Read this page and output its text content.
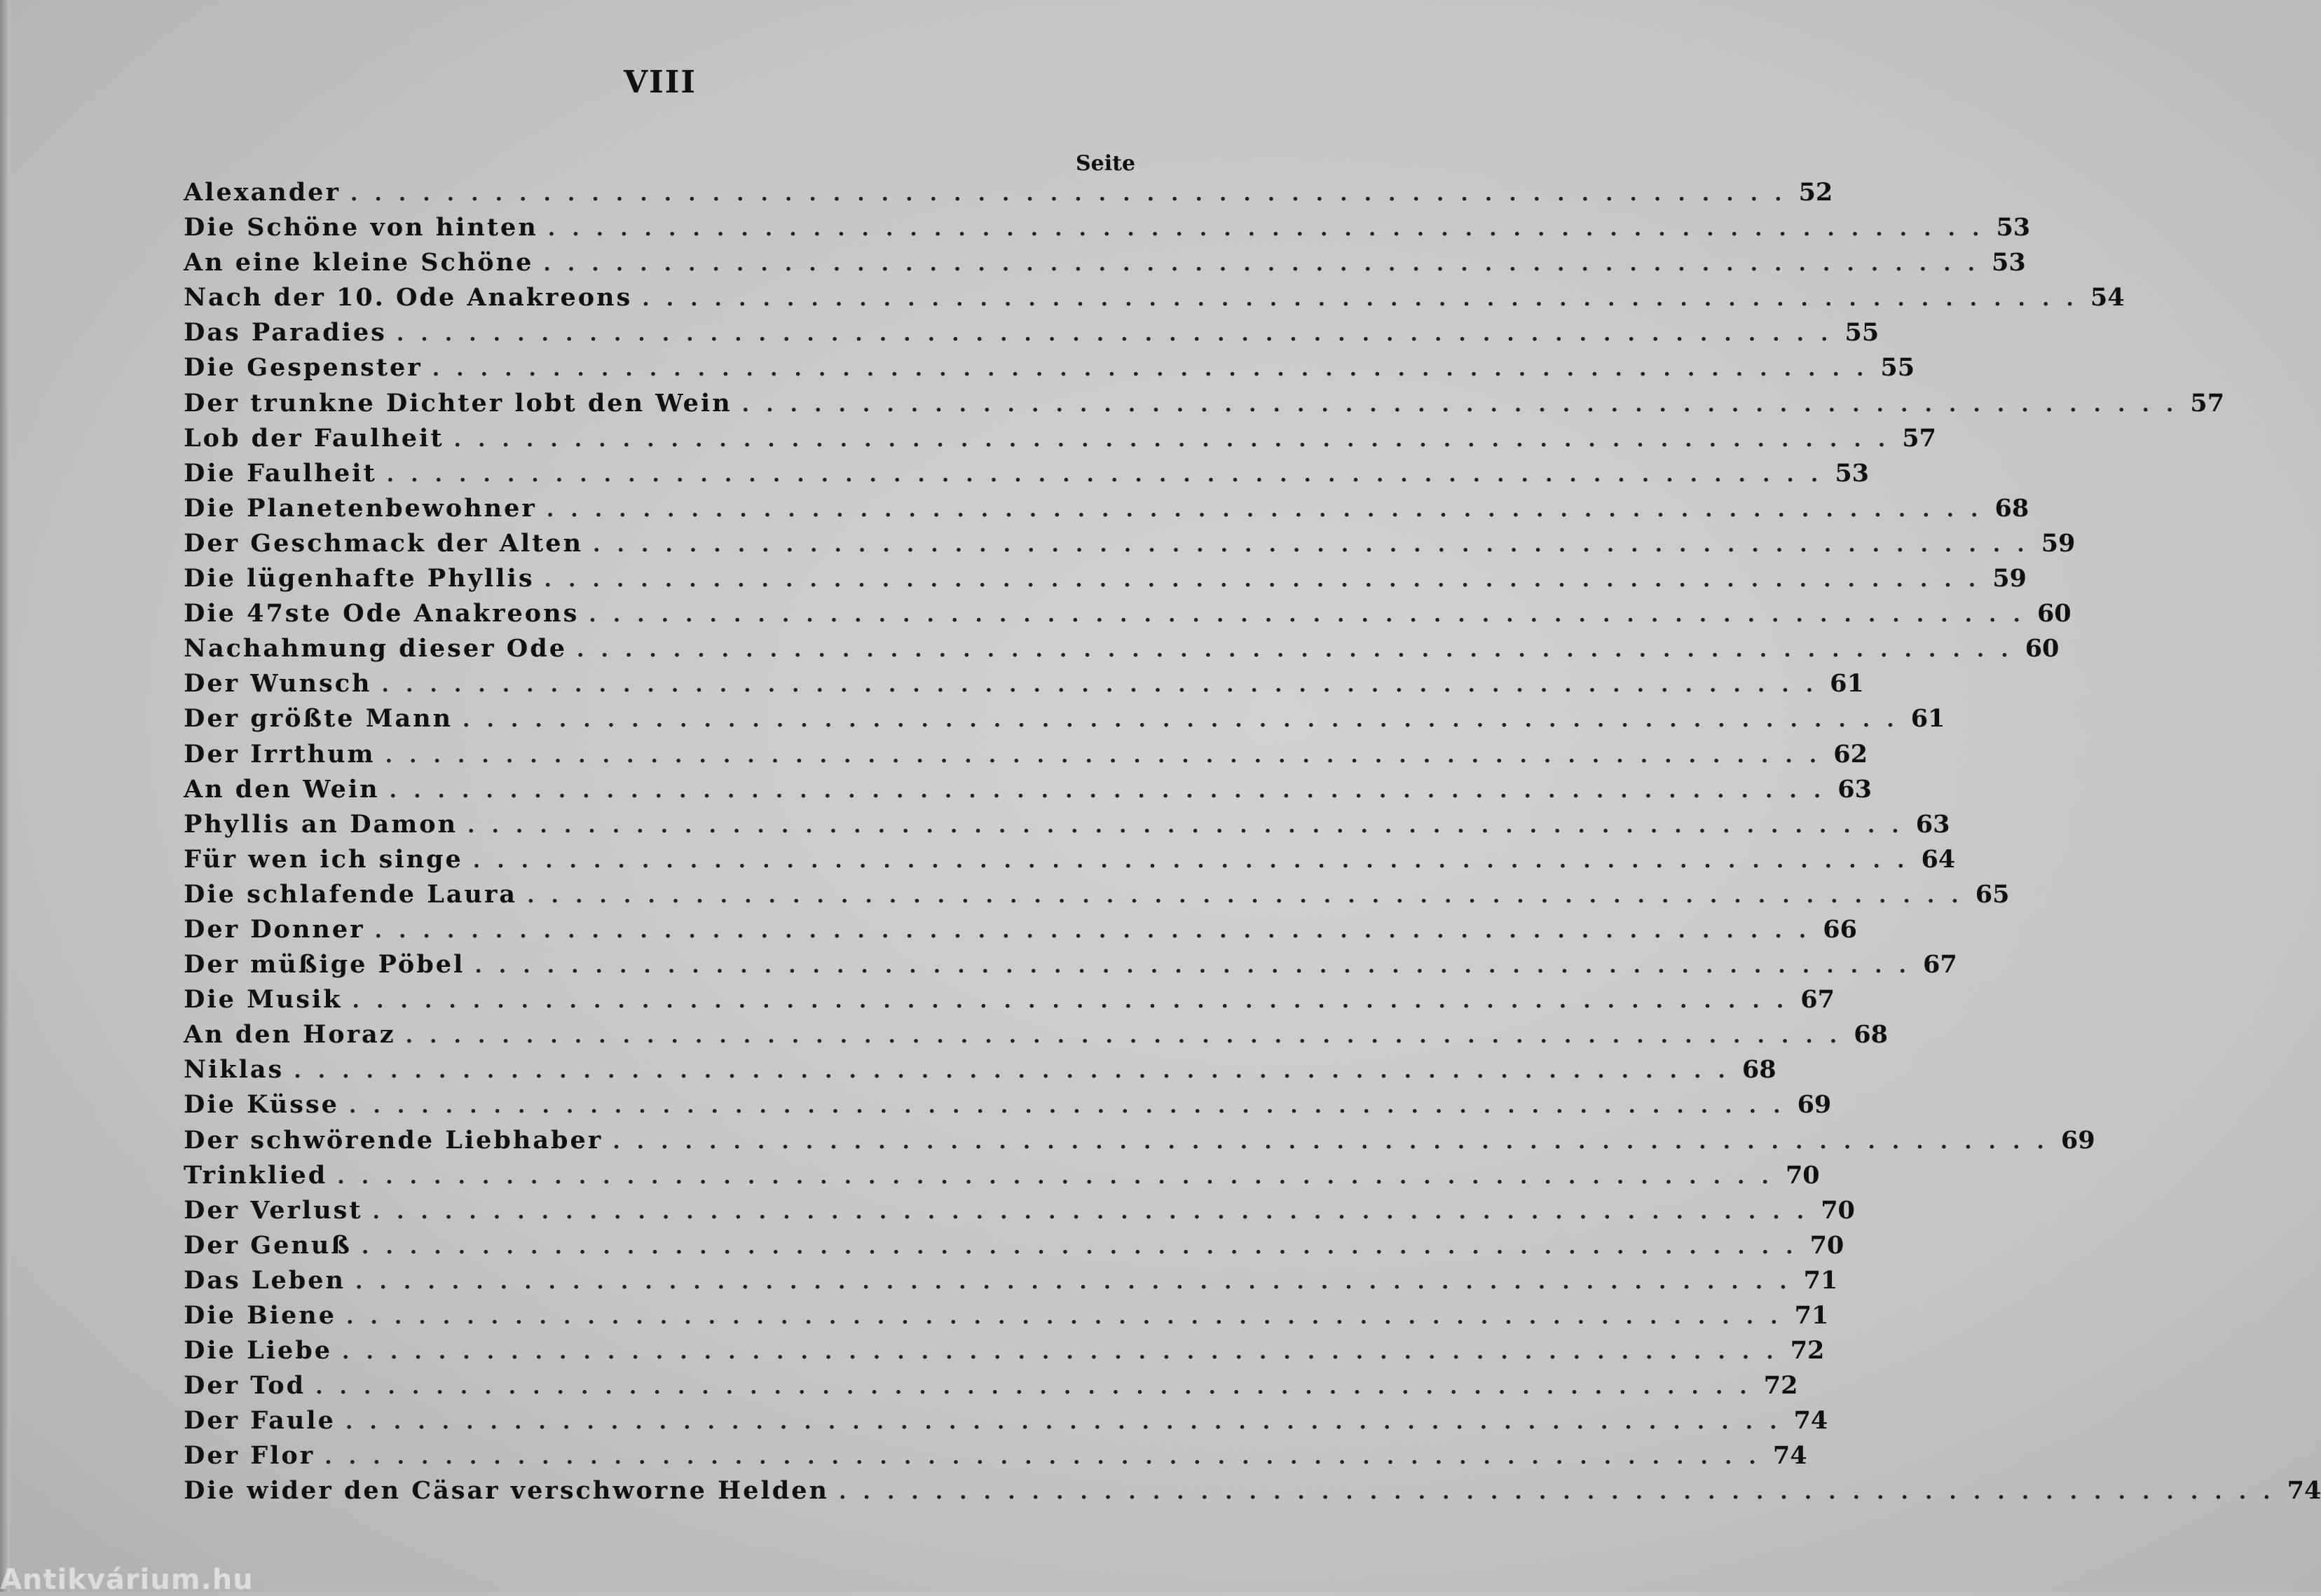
VIII
Seite
Alexander ............................................................ 52
Die Schöne von hinten ............................................................ 53
An eine kleine Schöne ............................................................ 53
Nach der 10. Ode Anakreons ............................................................ 54
Das Paradies ............................................................ 55
Die Gespenster ............................................................ 55
Der trunkne Dichter lobt den Wein ............................................................ 57
Lob der Faulheit ............................................................ 57
Die Faulheit ............................................................ 53
Die Planetenbewohner ............................................................ 68
Der Geschmack der Alten ............................................................ 59
Die lügenhafte Phyllis ............................................................ 59
Die 47ste Ode Anakreons ............................................................ 60
Nachahmung dieser Ode ............................................................ 60
Der Wunsch ............................................................ 61
Der größte Mann ............................................................ 61
Der Irrthum ............................................................ 62
An den Wein ............................................................ 63
Phyllis an Damon ............................................................ 63
Für wen ich singe ............................................................ 64
Die schlafende Laura ............................................................ 65
Der Donner ............................................................ 66
Der müßige Pöbel ............................................................ 67
Die Musik ............................................................ 67
An den Horaz ............................................................ 68
Niklas ............................................................ 68
Die Küsse ............................................................ 69
Der schwörende Liebhaber ............................................................ 69
Trinklied ............................................................ 70
Der Verlust ............................................................ 70
Der Genuß ............................................................ 70
Das Leben ............................................................ 71
Die Biene ............................................................ 71
Die Liebe ............................................................ 72
Der Tod ............................................................ 72
Der Faule ............................................................ 74
Der Flor ............................................................ 74
Die wider den Cäsar verschworne Helden ............................................................ 74
Antikvárium.hu
